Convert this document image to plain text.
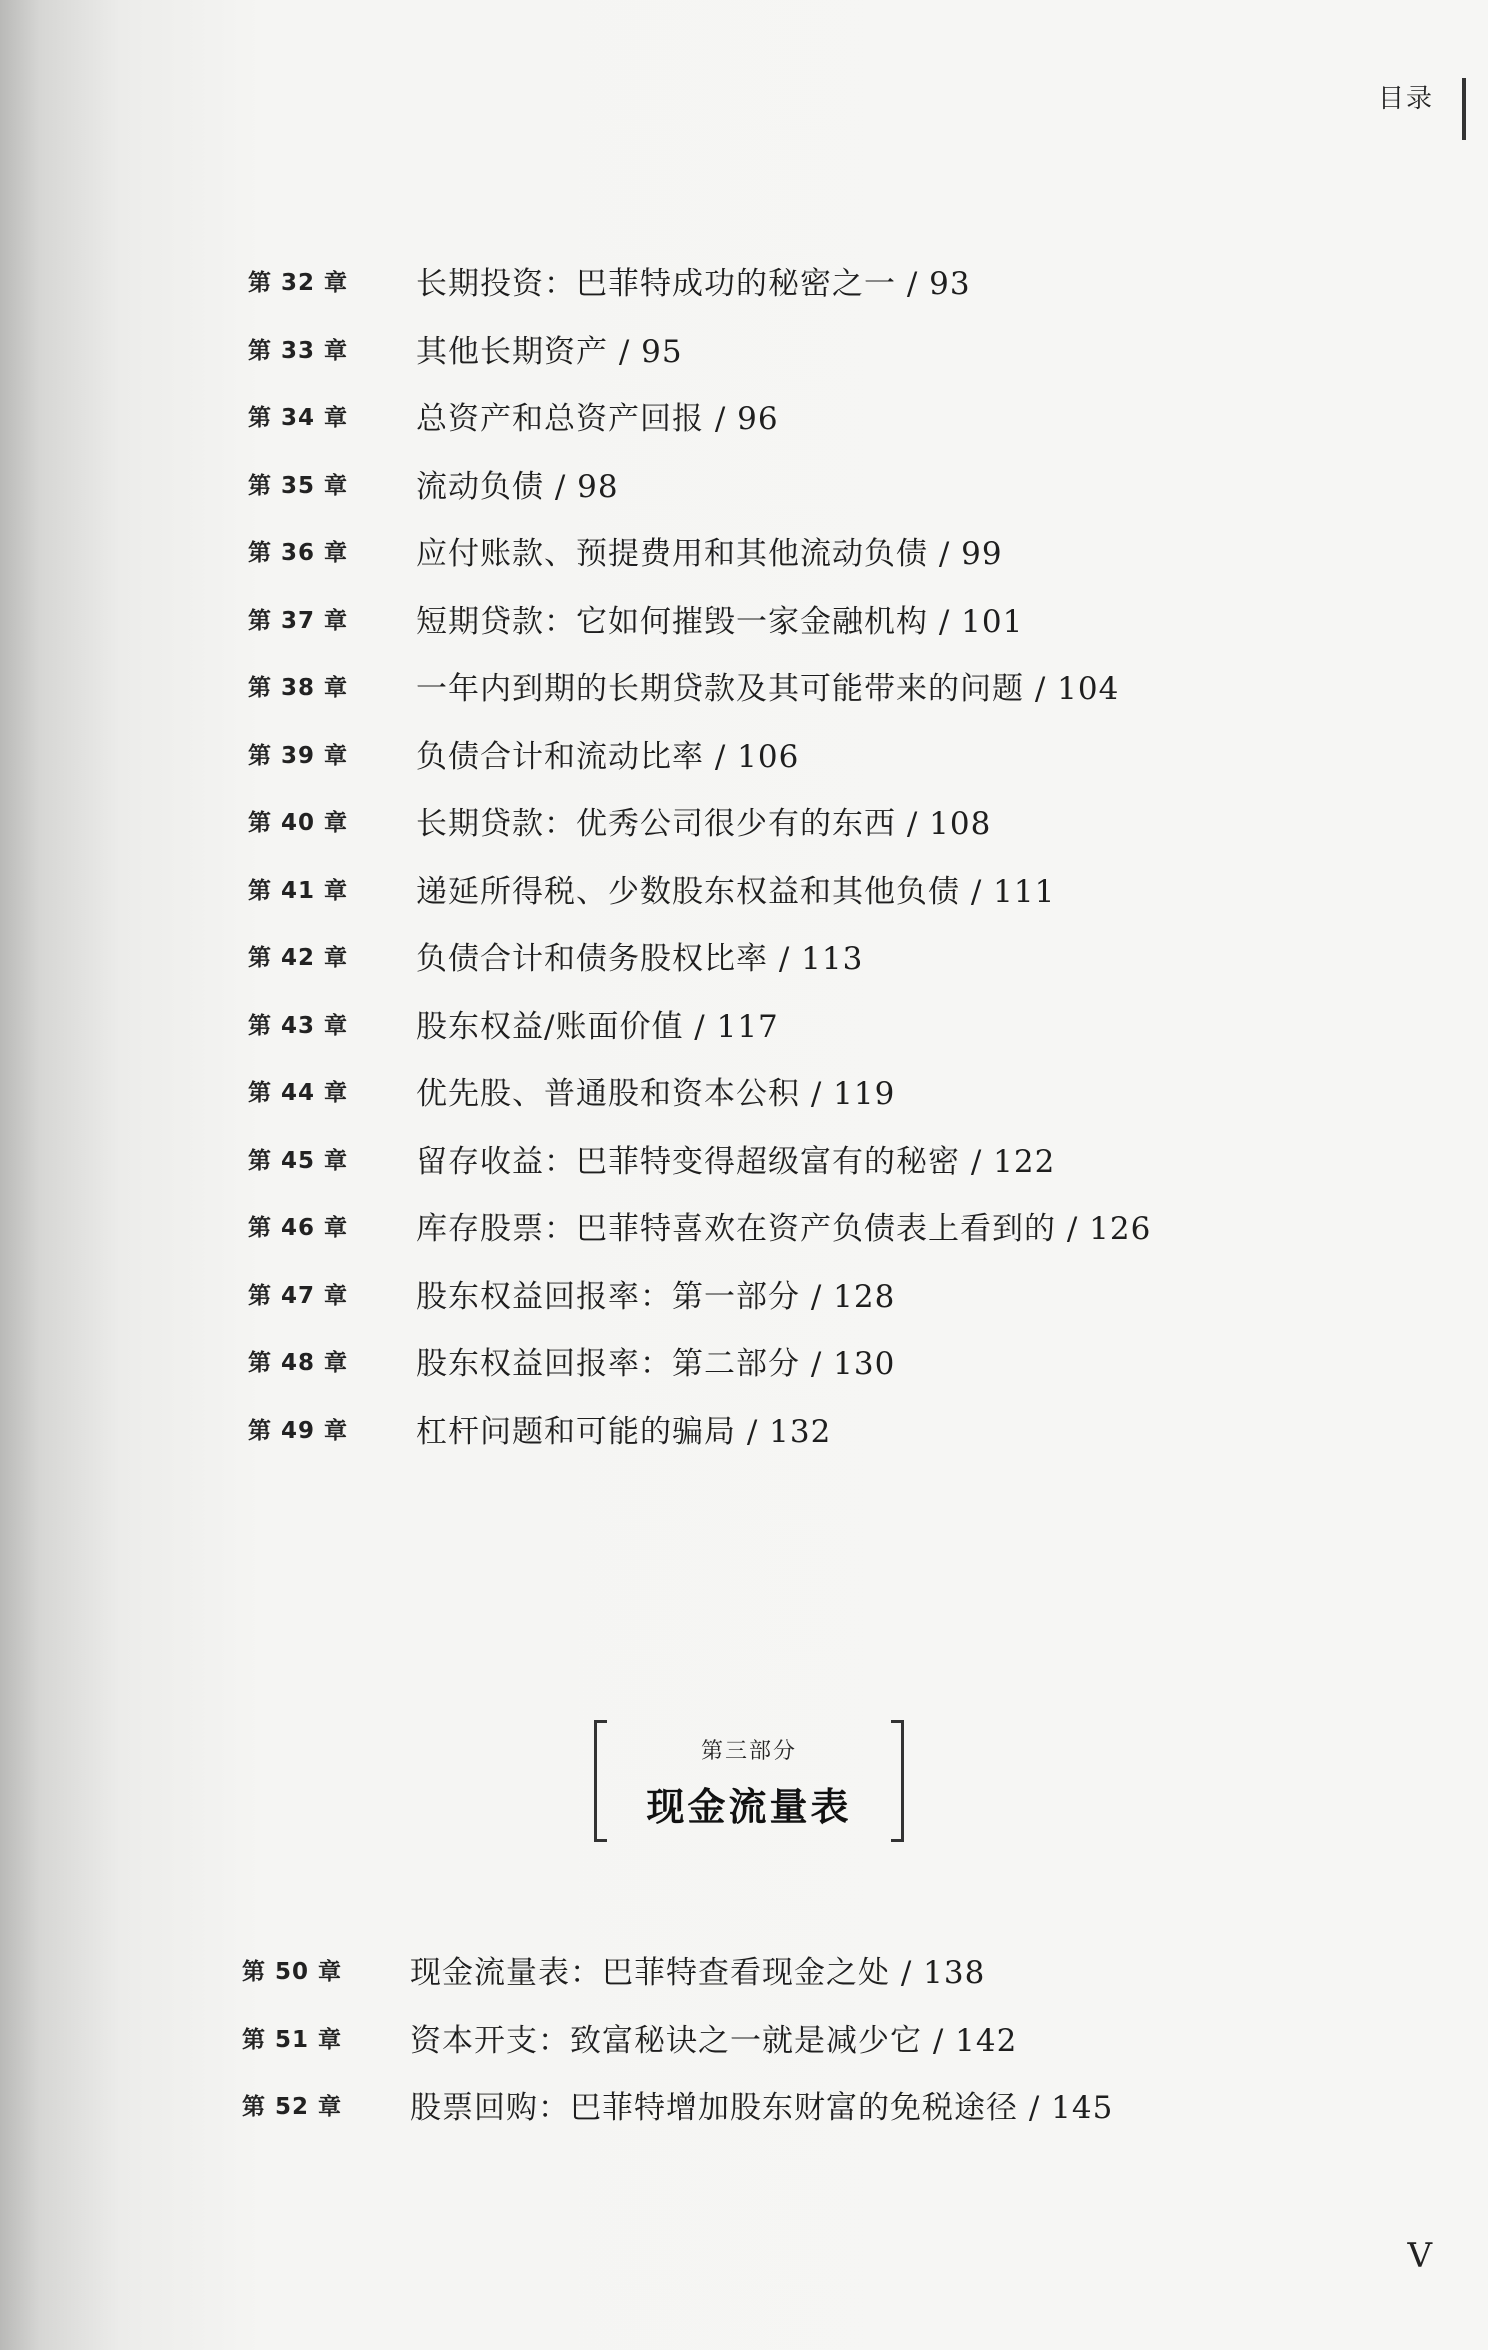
目录
第 32 章	长期投资：巴菲特成功的秘密之一 / 93
第 33 章	其他长期资产 / 95
第 34 章	总资产和总资产回报 / 96
第 35 章	流动负债 / 98
第 36 章	应付账款、预提费用和其他流动负债 / 99
第 37 章	短期贷款：它如何摧毁一家金融机构 / 101
第 38 章	一年内到期的长期贷款及其可能带来的问题 / 104
第 39 章	负债合计和流动比率 / 106
第 40 章	长期贷款：优秀公司很少有的东西 / 108
第 41 章	递延所得税、少数股东权益和其他负债 / 111
第 42 章	负债合计和债务股权比率 / 113
第 43 章	股东权益/账面价值 / 117
第 44 章	优先股、普通股和资本公积 / 119
第 45 章	留存收益：巴菲特变得超级富有的秘密 / 122
第 46 章	库存股票：巴菲特喜欢在资产负债表上看到的 / 126
第 47 章	股东权益回报率：第一部分 / 128
第 48 章	股东权益回报率：第二部分 / 130
第 49 章	杠杆问题和可能的骗局 / 132
第三部分
现金流量表
第 50 章	现金流量表：巴菲特查看现金之处 / 138
第 51 章	资本开支：致富秘诀之一就是减少它 / 142
第 52 章	股票回购：巴菲特增加股东财富的免税途径 / 145
V
